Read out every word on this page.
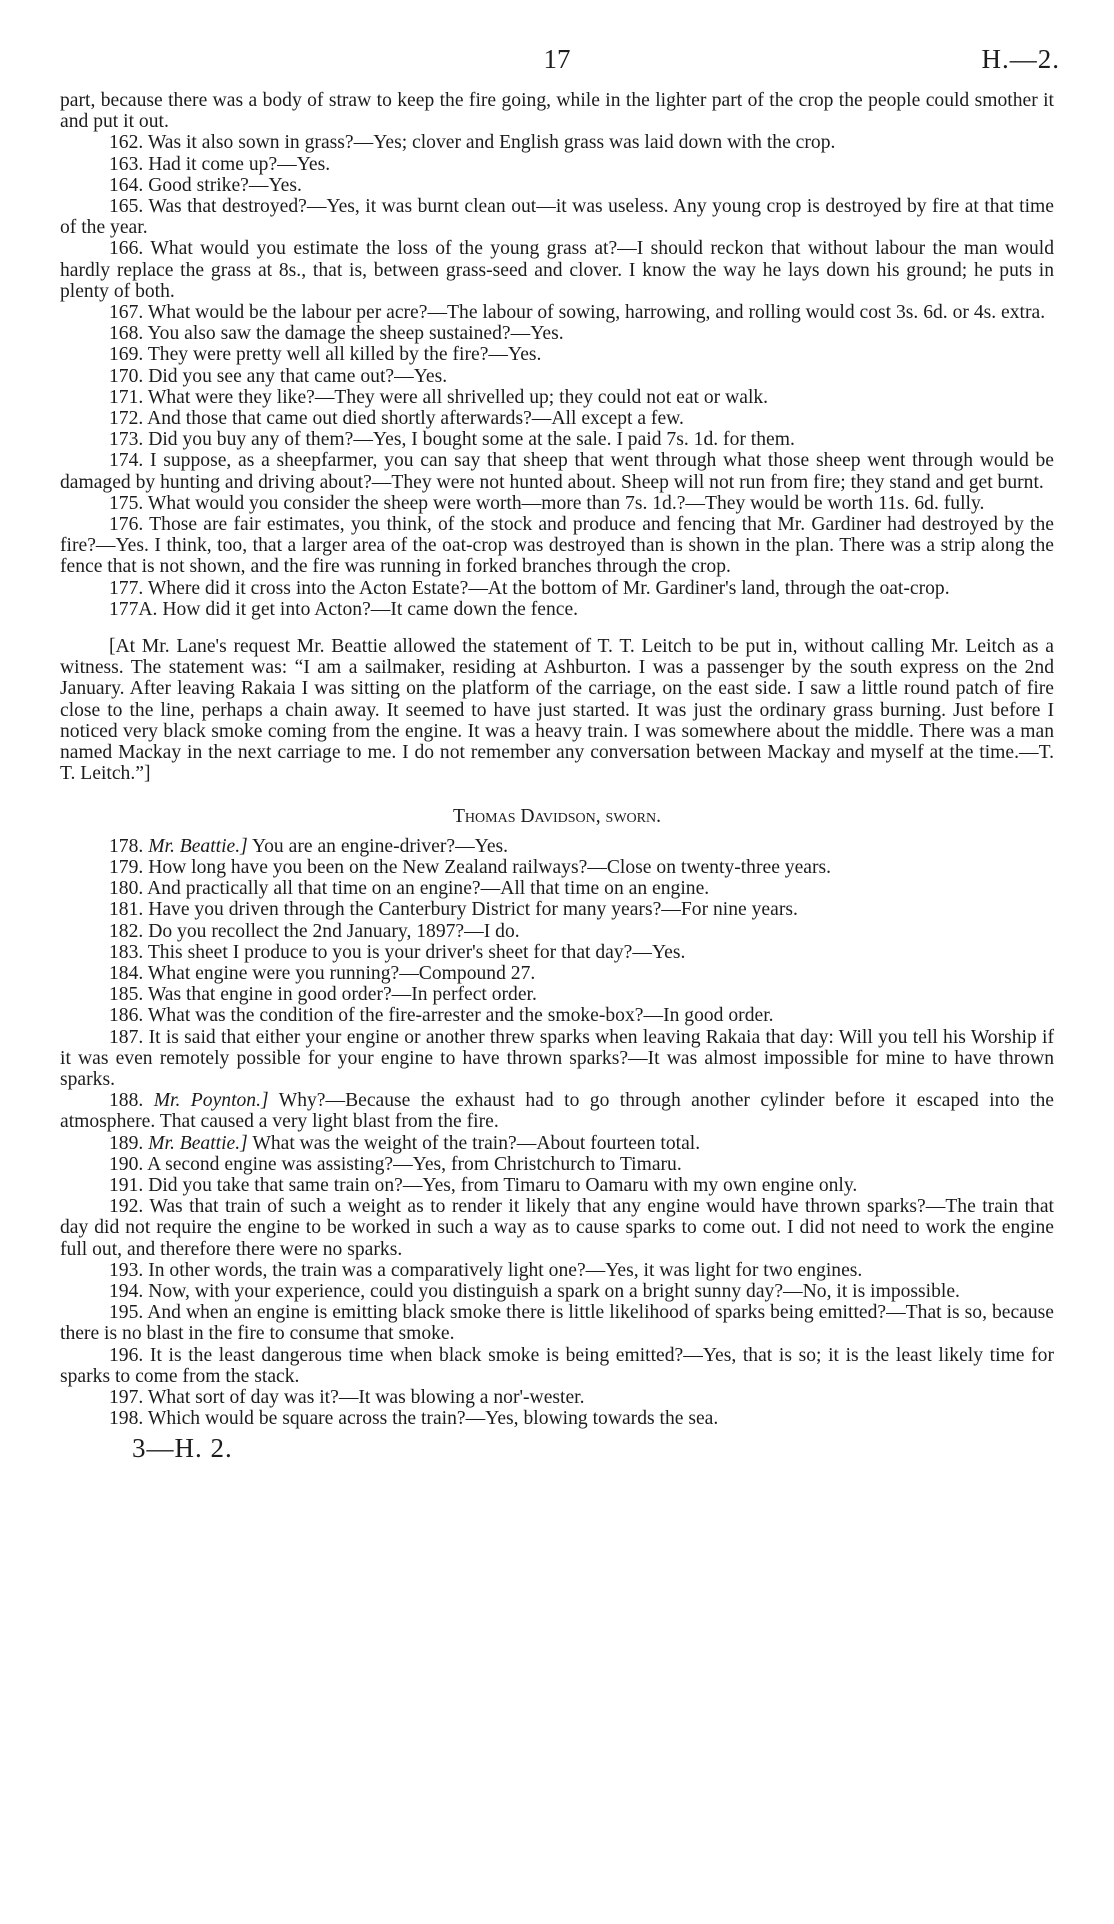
17	H.—2.

part, because there was a body of straw to keep the fire going, while in the lighter part of the crop the people could smother it and put it out.

162. Was it also sown in grass?—Yes; clover and English grass was laid down with the crop.

163. Had it come up?—Yes.

164. Good strike?—Yes.

165. Was that destroyed?—Yes, it was burnt clean out—it was useless. Any young crop is destroyed by fire at that time of the year.

166. What would you estimate the loss of the young grass at?—I should reckon that without labour the man would hardly replace the grass at 8s., that is, between grass-seed and clover. I know the way he lays down his ground; he puts in plenty of both.

167. What would be the labour per acre?—The labour of sowing, harrowing, and rolling would cost 3s. 6d. or 4s. extra.

168. You also saw the damage the sheep sustained?—Yes.

169. They were pretty well all killed by the fire?—Yes.

170. Did you see any that came out?—Yes.

171. What were they like?—They were all shrivelled up; they could not eat or walk.

172. And those that came out died shortly afterwards?—All except a few.

173. Did you buy any of them?—Yes, I bought some at the sale. I paid 7s. 1d. for them.

174. I suppose, as a sheepfarmer, you can say that sheep that went through what those sheep went through would be damaged by hunting and driving about?—They were not hunted about. Sheep will not run from fire; they stand and get burnt.

175. What would you consider the sheep were worth—more than 7s. 1d.?—They would be worth 11s. 6d. fully.

176. Those are fair estimates, you think, of the stock and produce and fencing that Mr. Gardiner had destroyed by the fire?—Yes. I think, too, that a larger area of the oat-crop was destroyed than is shown in the plan. There was a strip along the fence that is not shown, and the fire was running in forked branches through the crop.

177. Where did it cross into the Acton Estate?—At the bottom of Mr. Gardiner's land, through the oat-crop.

177A. How did it get into Acton?—It came down the fence.

[At Mr. Lane's request Mr. Beattie allowed the statement of T. T. Leitch to be put in, without calling Mr. Leitch as a witness. The statement was: “I am a sailmaker, residing at Ashburton. I was a passenger by the south express on the 2nd January. After leaving Rakaia I was sitting on the platform of the carriage, on the east side. I saw a little round patch of fire close to the line, perhaps a chain away. It seemed to have just started. It was just the ordinary grass burning. Just before I noticed very black smoke coming from the engine. It was a heavy train. I was somewhere about the middle. There was a man named Mackay in the next carriage to me. I do not remember any conversation between Mackay and myself at the time.—T. T. Leitch.”]

Thomas Davidson, sworn.

178. Mr. Beattie.] You are an engine-driver?—Yes.

179. How long have you been on the New Zealand railways?—Close on twenty-three years.

180. And practically all that time on an engine?—All that time on an engine.

181. Have you driven through the Canterbury District for many years?—For nine years.

182. Do you recollect the 2nd January, 1897?—I do.

183. This sheet I produce to you is your driver's sheet for that day?—Yes.

184. What engine were you running?—Compound 27.

185. Was that engine in good order?—In perfect order.

186. What was the condition of the fire-arrester and the smoke-box?—In good order.

187. It is said that either your engine or another threw sparks when leaving Rakaia that day: Will you tell his Worship if it was even remotely possible for your engine to have thrown sparks?—It was almost impossible for mine to have thrown sparks.

188. Mr. Poynton.] Why?—Because the exhaust had to go through another cylinder before it escaped into the atmosphere. That caused a very light blast from the fire.

189. Mr. Beattie.] What was the weight of the train?—About fourteen total.

190. A second engine was assisting?—Yes, from Christchurch to Timaru.

191. Did you take that same train on?—Yes, from Timaru to Oamaru with my own engine only.

192. Was that train of such a weight as to render it likely that any engine would have thrown sparks?—The train that day did not require the engine to be worked in such a way as to cause sparks to come out. I did not need to work the engine full out, and therefore there were no sparks.

193. In other words, the train was a comparatively light one?—Yes, it was light for two engines.

194. Now, with your experience, could you distinguish a spark on a bright sunny day?—No, it is impossible.

195. And when an engine is emitting black smoke there is little likelihood of sparks being emitted?—That is so, because there is no blast in the fire to consume that smoke.

196. It is the least dangerous time when black smoke is being emitted?—Yes, that is so; it is the least likely time for sparks to come from the stack.

197. What sort of day was it?—It was blowing a nor'-wester.

198. Which would be square across the train?—Yes, blowing towards the sea.

3—H. 2.
